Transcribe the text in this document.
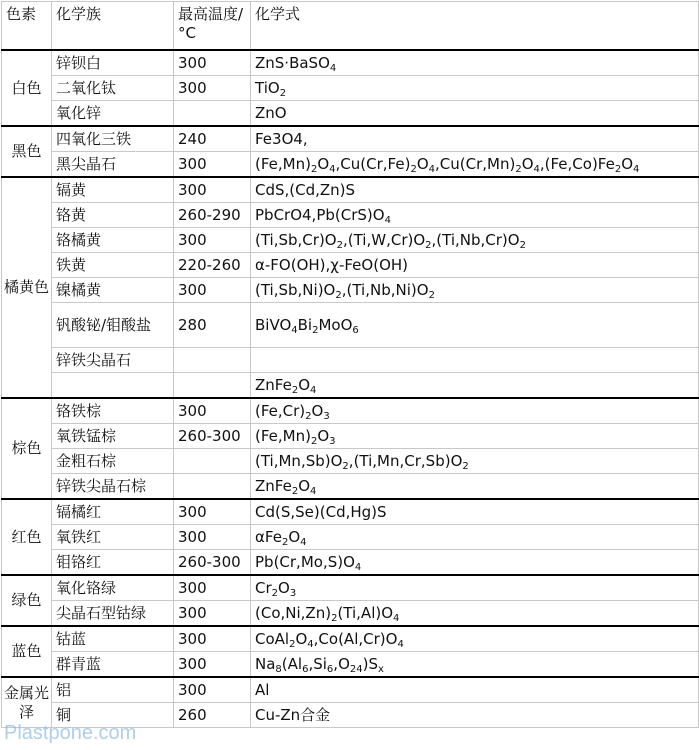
色素	化学族	最高温度/°C	化学式
白色	锌钡白	300	ZnS·BaSO$_4$
	二氧化钛	300	TiO$_2$
	氧化锌		ZnO
黑色	四氧化三铁	240	Fe3O4,
	黑尖晶石	300	$(Fe,Mn)_2O_4,Cu(Cr,Fe)_2O_4,Cu(Cr,Mn)_2O_4,(Fe,Co)Fe_2O_4$
橘黄色	镉黄	300	CdS,(Cd,Zn)S
	铬黄	260-290	$PbCrO4,Pb(CrS)O_4$
	铬橘黄	300	$(Ti,Sb,Cr)O_2,(Ti,W,Cr)O_2,(Ti,Nb,Cr)O_2$
	铁黄	220-260	α-FO(OH),χ-FeO(OH)
	镍橘黄	300	$(Ti,Sb,Ni)O_2,(Ti,Nb,Ni)O_2$
	钒酸铋/钼酸盐	280	$BiVO_4Bi_2MoO_6$
	锌铁尖晶石		
			$ZnFe_2O_4$
棕色	铬铁棕	300	$(Fe,Cr)_2O_3$
	氧铁锰棕	260-300	$(Fe,Mn)_2O_3$
	金粗石棕		$(Ti,Mn,Sb)O_2,(Ti,Mn,Cr,Sb)O_2$
	锌铁尖晶石棕		$ZnFe_2O_4$
红色	镉橘红	300	Cd(S,Se)(Cd,Hg)S
	氧铁红	300	$\alpha Fe_2O_4$
	钼铬红	260-300	$Pb(Cr,Mo,S)O_4$
绿色	氧化铬绿	300	$Cr_2O_3$
	尖晶石型钴绿	300	$(Co,Ni,Zn)_2(Ti,Al)O_4$
蓝色	钴蓝	300	$CoAl_2O_4,Co(Al,Cr)O_4$
	群青蓝	300	$Na_8(Al_6,Si_6,O_{24})S_x$
金属光泽	铝	300	Al
	铜	260	Cu-Zn合金
Plastpone.com
